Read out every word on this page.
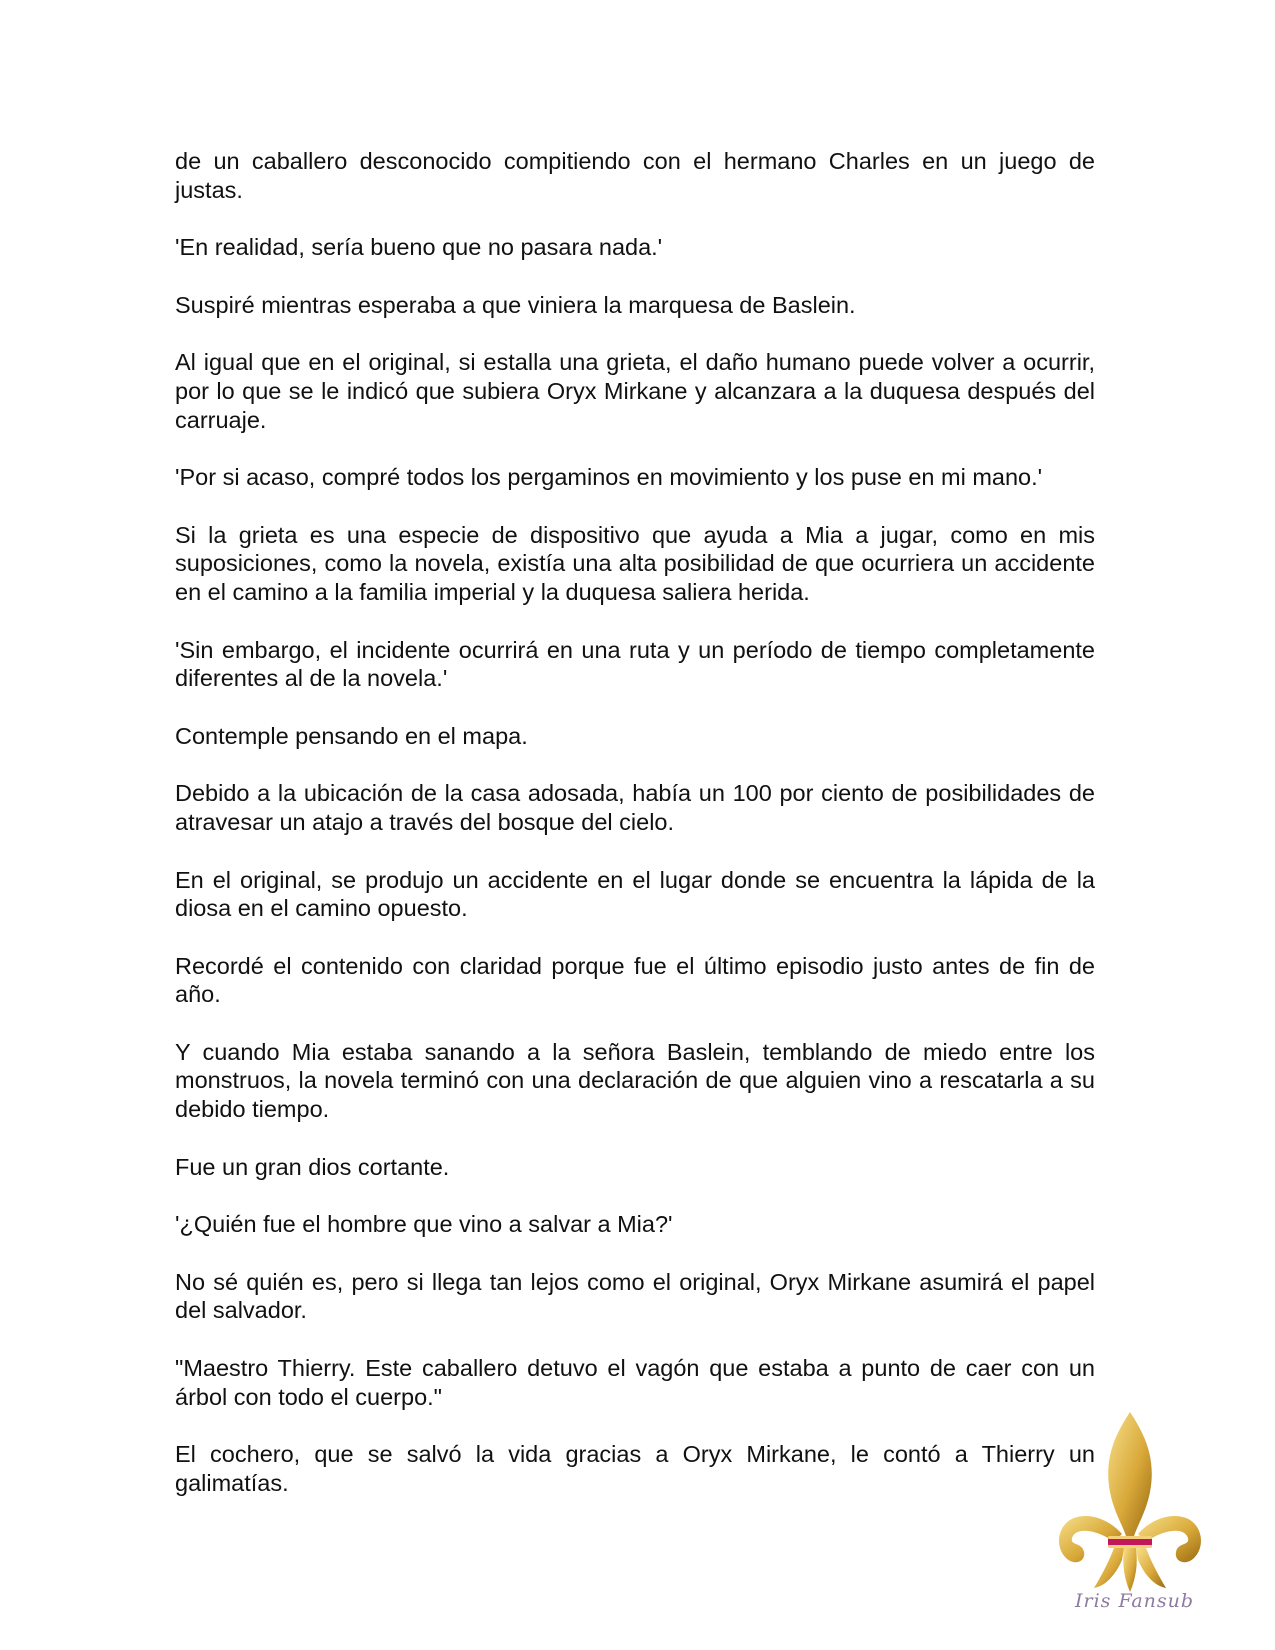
de un caballero desconocido compitiendo con el hermano Charles en un juego de justas.

'En realidad, sería bueno que no pasara nada.'

Suspiré mientras esperaba a que viniera la marquesa de Baslein.

Al igual que en el original, si estalla una grieta, el daño humano puede volver a ocurrir, por lo que se le indicó que subiera Oryx Mirkane y alcanzara a la duquesa después del carruaje.

'Por si acaso, compré todos los pergaminos en movimiento y los puse en mi mano.'

Si la grieta es una especie de dispositivo que ayuda a Mia a jugar, como en mis suposiciones, como la novela, existía una alta posibilidad de que ocurriera un accidente en el camino a la familia imperial y la duquesa saliera herida.

'Sin embargo, el incidente ocurrirá en una ruta y un período de tiempo completamente diferentes al de la novela.'

Contemple pensando en el mapa.

Debido a la ubicación de la casa adosada, había un 100 por ciento de posibilidades de atravesar un atajo a través del bosque del cielo.

En el original, se produjo un accidente en el lugar donde se encuentra la lápida de la diosa en el camino opuesto.

Recordé el contenido con claridad porque fue el último episodio justo antes de fin de año.

Y cuando Mia estaba sanando a la señora Baslein, temblando de miedo entre los monstruos, la novela terminó con una declaración de que alguien vino a rescatarla a su debido tiempo.

Fue un gran dios cortante.

'¿Quién fue el hombre que vino a salvar a Mia?'

No sé quién es, pero si llega tan lejos como el original, Oryx Mirkane asumirá el papel del salvador.

"Maestro Thierry. Este caballero detuvo el vagón que estaba a punto de caer con un árbol con todo el cuerpo."

El cochero, que se salvó la vida gracias a Oryx Mirkane, le contó a Thierry un galimatías.

Iris Fansub
